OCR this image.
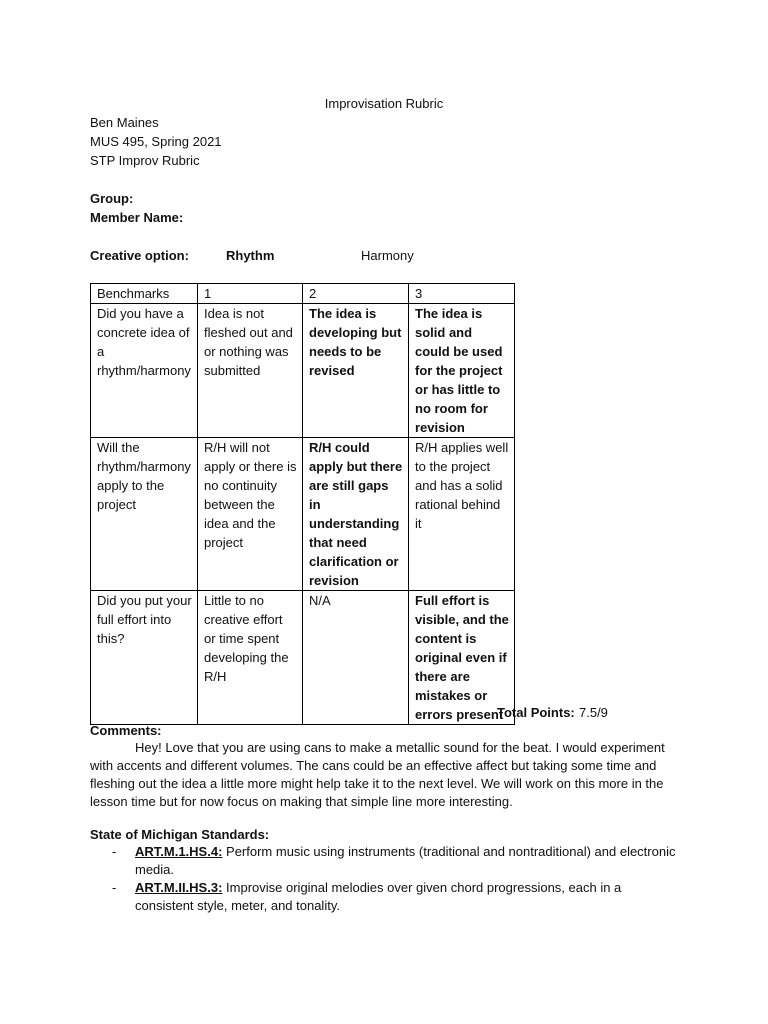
Improvisation Rubric
Ben Maines
MUS 495, Spring 2021
STP Improv Rubric
Group:
Member Name:
Creative option:	Rhythm	Harmony
Benchmarks	1	2	3
Did you have a concrete idea of a rhythm/harmony	Idea is not fleshed out and or nothing was submitted	The idea is developing but needs to be revised	The idea is solid and could be used for the project or has little to no room for revision
Will the rhythm/harmony apply to the project	R/H will not apply or there is no continuity between the idea and the project	R/H could apply but there are still gaps in understanding that need clarification or revision	R/H applies well to the project and has a solid rational behind it
Did you put your full effort into this?	Little to no creative effort or time spent developing the R/H	N/A	Full effort is visible, and the content is original even if there are mistakes or errors present
Total Points: 7.5/9
Comments:
Hey! Love that you are using cans to make a metallic sound for the beat. I would experiment with accents and different volumes. The cans could be an effective affect but taking some time and fleshing out the idea a little more might help take it to the next level. We will work on this more in the lesson time but for now focus on making that simple line more interesting.
State of Michigan Standards:
- ART.M.1.HS.4: Perform music using instruments (traditional and nontraditional) and electronic media.
- ART.M.II.HS.3: Improvise original melodies over given chord progressions, each in a consistent style, meter, and tonality.
